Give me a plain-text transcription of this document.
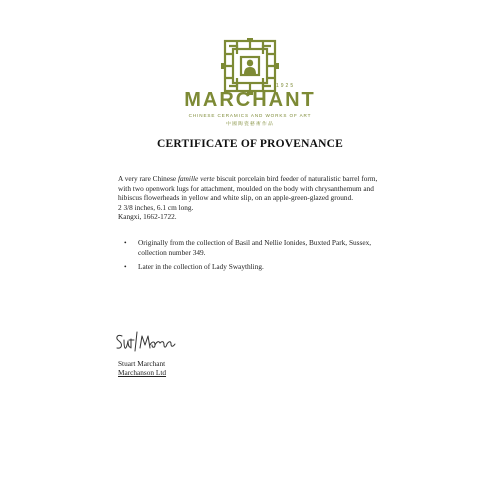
1925
MARCHANT
CHINESE CERAMICS AND WORKS OF ART
中國陶瓷藝術作品
CERTIFICATE OF PROVENANCE

A very rare Chinese famille verte biscuit porcelain bird feeder of naturalistic barrel form, with two openwork lugs for attachment, moulded on the body with chrysanthemum and hibiscus flowerheads in yellow and white slip, on an apple-green-glazed ground.

2 3/8 inches, 6.1 cm long.

Kangxi, 1662-1722.

• Originally from the collection of Basil and Nellie Ionides, Buxted Park, Sussex, collection number 349.
• Later in the collection of Lady Swaythling.
Stuart Marchant
Marchanson Ltd
